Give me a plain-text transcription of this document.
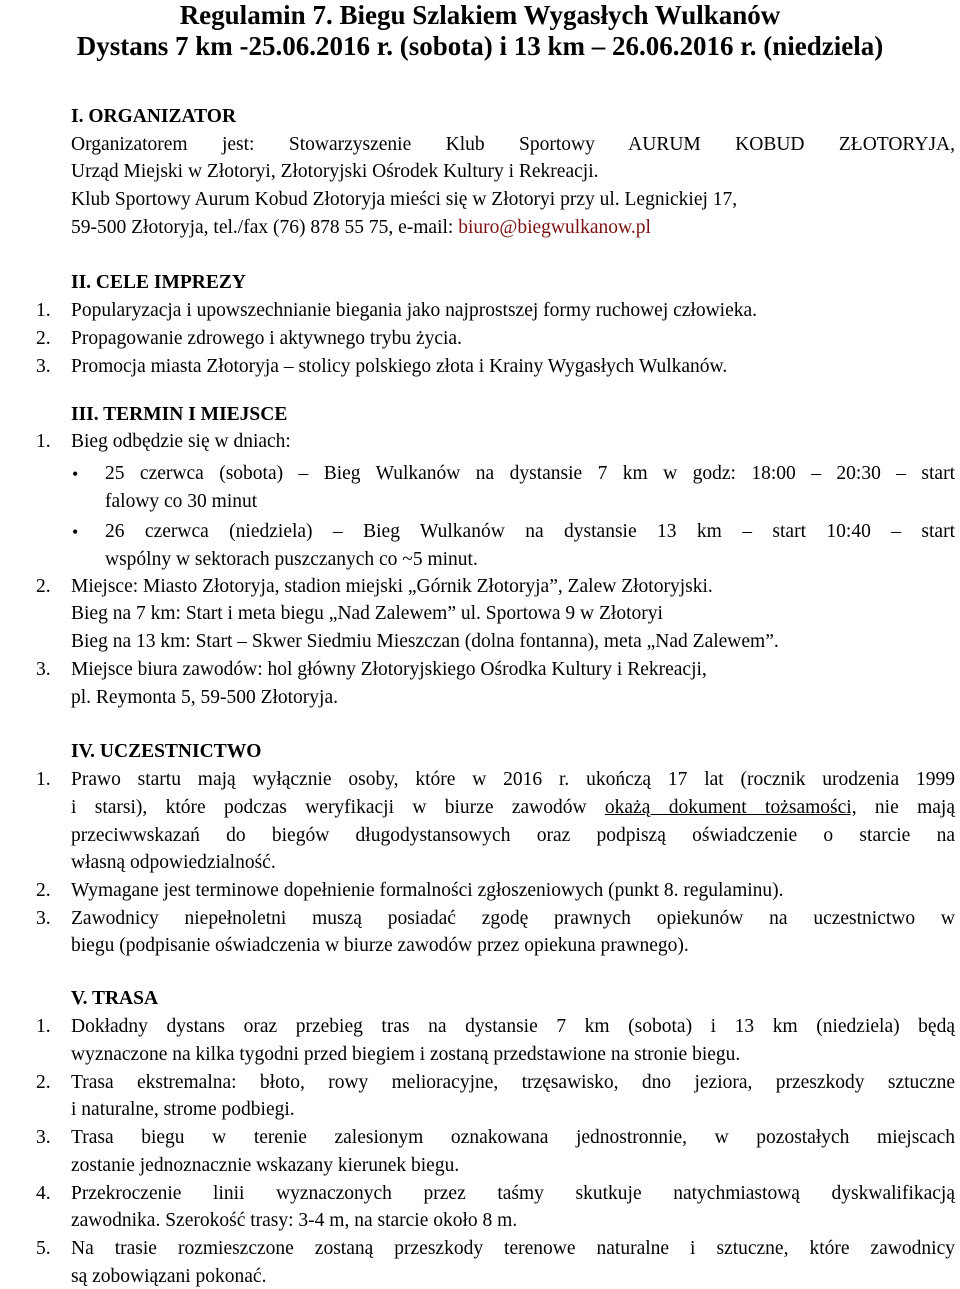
Regulamin 7. Biegu Szlakiem Wygasłych Wulkanów
Dystans 7 km -25.06.2016 r. (sobota) i 13 km – 26.06.2016 r. (niedziela)
I. ORGANIZATOR
Organizatorem jest: Stowarzyszenie Klub Sportowy AURUM KOBUD ZŁOTORYJA,
Urząd Miejski w Złotoryi, Złotoryjski Ośrodek Kultury i Rekreacji.
Klub Sportowy Aurum Kobud Złotoryja mieści się w Złotoryi przy ul. Legnickiej 17,
59-500 Złotoryja, tel./fax (76) 878 55 75, e-mail: biuro@biegwulkanow.pl
II. CELE IMPREZY
1. Popularyzacja i upowszechnianie biegania jako najprostszej formy ruchowej człowieka.
2. Propagowanie zdrowego i aktywnego trybu życia.
3. Promocja miasta Złotoryja – stolicy polskiego złota i Krainy Wygasłych Wulkanów.
III. TERMIN I MIEJSCE
1. Bieg odbędzie się w dniach:
• 25 czerwca (sobota) – Bieg Wulkanów na dystansie 7 km w godz: 18:00 – 20:30 – start
falowy co 30 minut
• 26 czerwca (niedziela) – Bieg Wulkanów na dystansie 13 km – start 10:40 – start
wspólny w sektorach puszczanych co ~5 minut.
2. Miejsce: Miasto Złotoryja, stadion miejski „Górnik Złotoryja”, Zalew Złotoryjski.
Bieg na 7 km: Start i meta biegu „Nad Zalewem” ul. Sportowa 9 w Złotoryi
Bieg na 13 km: Start – Skwer Siedmiu Mieszczan (dolna fontanna), meta „Nad Zalewem”.
3. Miejsce biura zawodów: hol główny Złotoryjskiego Ośrodka Kultury i Rekreacji,
pl. Reymonta 5, 59-500 Złotoryja.
IV. UCZESTNICTWO
1. Prawo startu mają wyłącznie osoby, które w 2016 r. ukończą 17 lat (rocznik urodzenia 1999
i starsi), które podczas weryfikacji w biurze zawodów okażą dokument tożsamości, nie mają
przeciwwskazań do biegów długodystansowych oraz podpiszą oświadczenie o starcie na
własną odpowiedzialność.
2. Wymagane jest terminowe dopełnienie formalności zgłoszeniowych (punkt 8. regulaminu).
3. Zawodnicy niepełnoletni muszą posiadać zgodę prawnych opiekunów na uczestnictwo w
biegu (podpisanie oświadczenia w biurze zawodów przez opiekuna prawnego).
V. TRASA
1. Dokładny dystans oraz przebieg tras na dystansie 7 km (sobota) i 13 km (niedziela) będą
wyznaczone na kilka tygodni przed biegiem i zostaną przedstawione na stronie biegu.
2. Trasa ekstremalna: błoto, rowy melioracyjne, trzęsawisko, dno jeziora, przeszkody sztuczne
i naturalne, strome podbiegi.
3. Trasa biegu w terenie zalesionym oznakowana jednostronnie, w pozostałych miejscach
zostanie jednoznacznie wskazany kierunek biegu.
4. Przekroczenie linii wyznaczonych przez taśmy skutkuje natychmiastową dyskwalifikacją
zawodnika. Szerokość trasy: 3-4 m, na starcie około 8 m.
5. Na trasie rozmieszczone zostaną przeszkody terenowe naturalne i sztuczne, które zawodnicy
są zobowiązani pokonać.
